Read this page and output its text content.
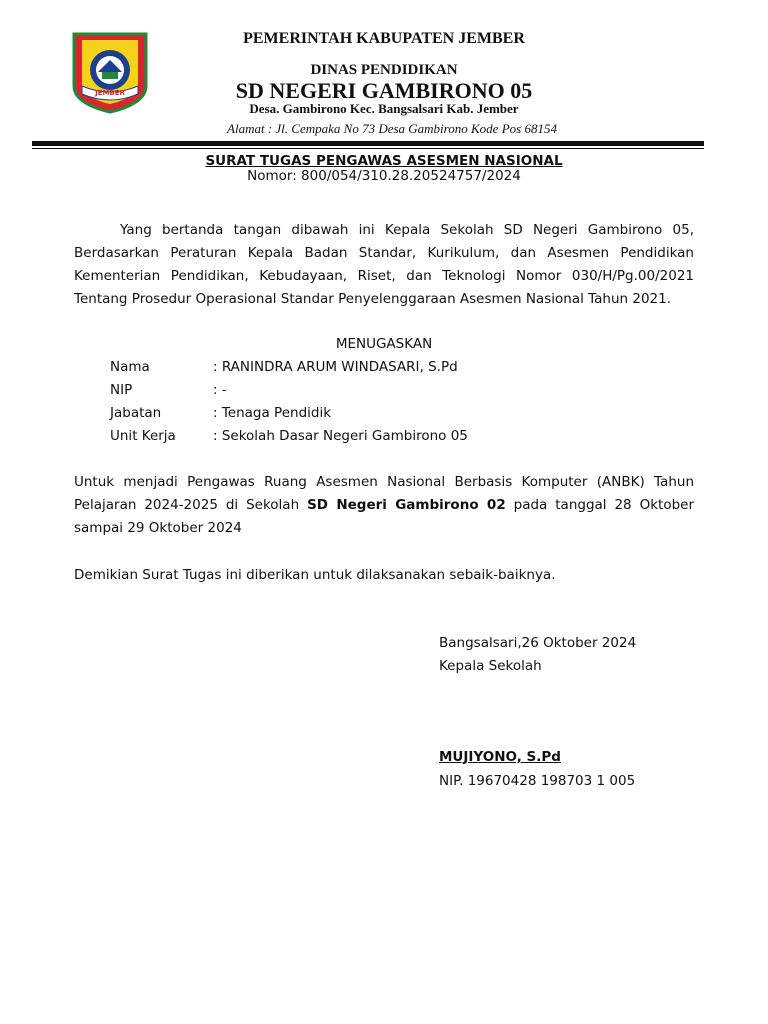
JEMBER
PEMERINTAH KABUPATEN JEMBER
DINAS PENDIDIKAN
SD NEGERI GAMBIRONO 05
Desa. Gambirono Kec. Bangsalsari Kab. Jember
Alamat : Jl. Cempaka No 73 Desa Gambirono Kode Pos 68154
SURAT TUGAS PENGAWAS ASESMEN NASIONAL
Nomor: 800/054/310.28.20524757/2024
Yang bertanda tangan dibawah ini Kepala Sekolah SD Negeri Gambirono 05, Berdasarkan Peraturan Kepala Badan Standar, Kurikulum, dan Asesmen Pendidikan Kementerian Pendidikan, Kebudayaan, Riset, dan Teknologi Nomor 030/H/Pg.00/2021 Tentang Prosedur Operasional Standar Penyelenggaraan Asesmen Nasional Tahun 2021.
MENUGASKAN
Nama	: RANINDRA ARUM WINDASARI, S.Pd
NIP	: -
Jabatan	: Tenaga Pendidik
Unit Kerja	: Sekolah Dasar Negeri Gambirono 05
Untuk menjadi Pengawas Ruang Asesmen Nasional Berbasis Komputer (ANBK) Tahun Pelajaran 2024-2025 di Sekolah SD Negeri Gambirono 02 pada tanggal 28 Oktober sampai 29 Oktober 2024
Demikian Surat Tugas ini diberikan untuk dilaksanakan sebaik-baiknya.
Bangsalsari,26 Oktober 2024
Kepala Sekolah
MUJIYONO, S.Pd
NIP. 19670428 198703 1 005
